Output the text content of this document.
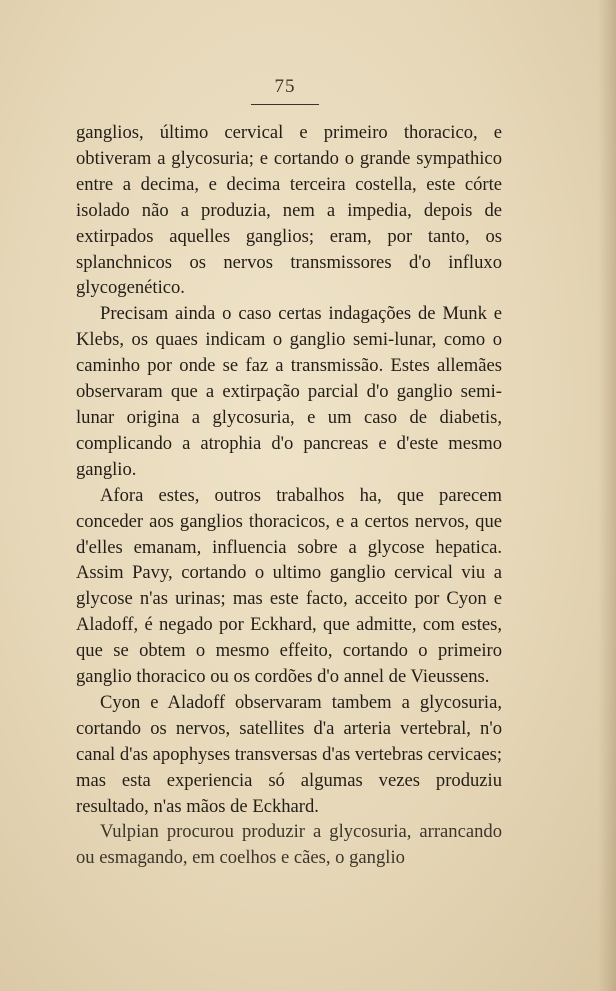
75

ganglios, último cervical e primeiro thoracico, e obtiveram a glycosuria; e cortando o grande sympathico entre a decima, e decima terceira costella, este córte isolado não a produzia, nem a impedia, depois de extirpados aquelles ganglios; eram, por tanto, os splanchnicos os nervos transmissores d'o influxo glycogenético.

Precisam ainda o caso certas indagações de Munk e Klebs, os quaes indicam o ganglio semi-lunar, como o caminho por onde se faz a transmissão. Estes allemães observaram que a extirpação parcial d'o ganglio semi-lunar origina a glycosuria, e um caso de diabetis, complicando a atrophia d'o pancreas e d'este mesmo ganglio.

Afora estes, outros trabalhos ha, que parecem conceder aos ganglios thoracicos, e a certos nervos, que d'elles emanam, influencia sobre a glycose hepatica. Assim Pavy, cortando o ultimo ganglio cervical viu a glycose n'as urinas; mas este facto, acceito por Cyon e Aladoff, é negado por Eckhard, que admitte, com estes, que se obtem o mesmo effeito, cortando o primeiro ganglio thoracico ou os cordões d'o annel de Vieussens.

Cyon e Aladoff observaram tambem a glycosuria, cortando os nervos, satellites d'a arteria vertebral, n'o canal d'as apophyses transversas d'as vertebras cervicaes; mas esta experiencia só algumas vezes produziu resultado, n'as mãos de Eckhard.

Vulpian procurou produzir a glycosuria, arrancando ou esmagando, em coelhos e cães, o ganglio
